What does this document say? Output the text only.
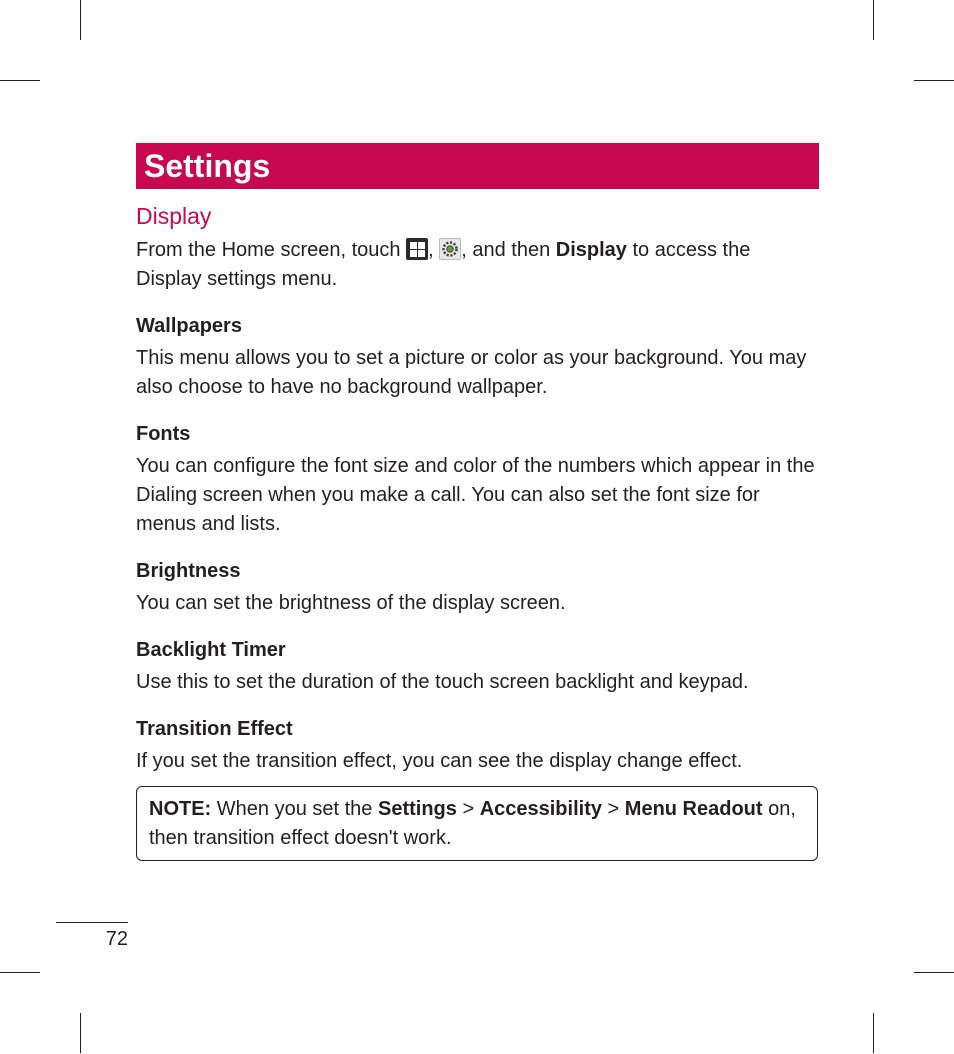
Settings
Display

From the Home screen, touch
,
, and then Display to access the Display settings menu.

Wallpapers

This menu allows you to set a picture or color as your background. You may also choose to have no background wallpaper.

Fonts

You can configure the font size and color of the numbers which appear in the Dialing screen when you make a call. You can also set the font size for menus and lists.

Brightness

You can set the brightness of the display screen.

Backlight Timer

Use this to set the duration of the touch screen backlight and keypad.

Transition Effect

If you set the transition effect, you can see the display change effect.

NOTE: When you set the Settings > Accessibility > Menu Readout on, then transition effect doesn't work.

72
